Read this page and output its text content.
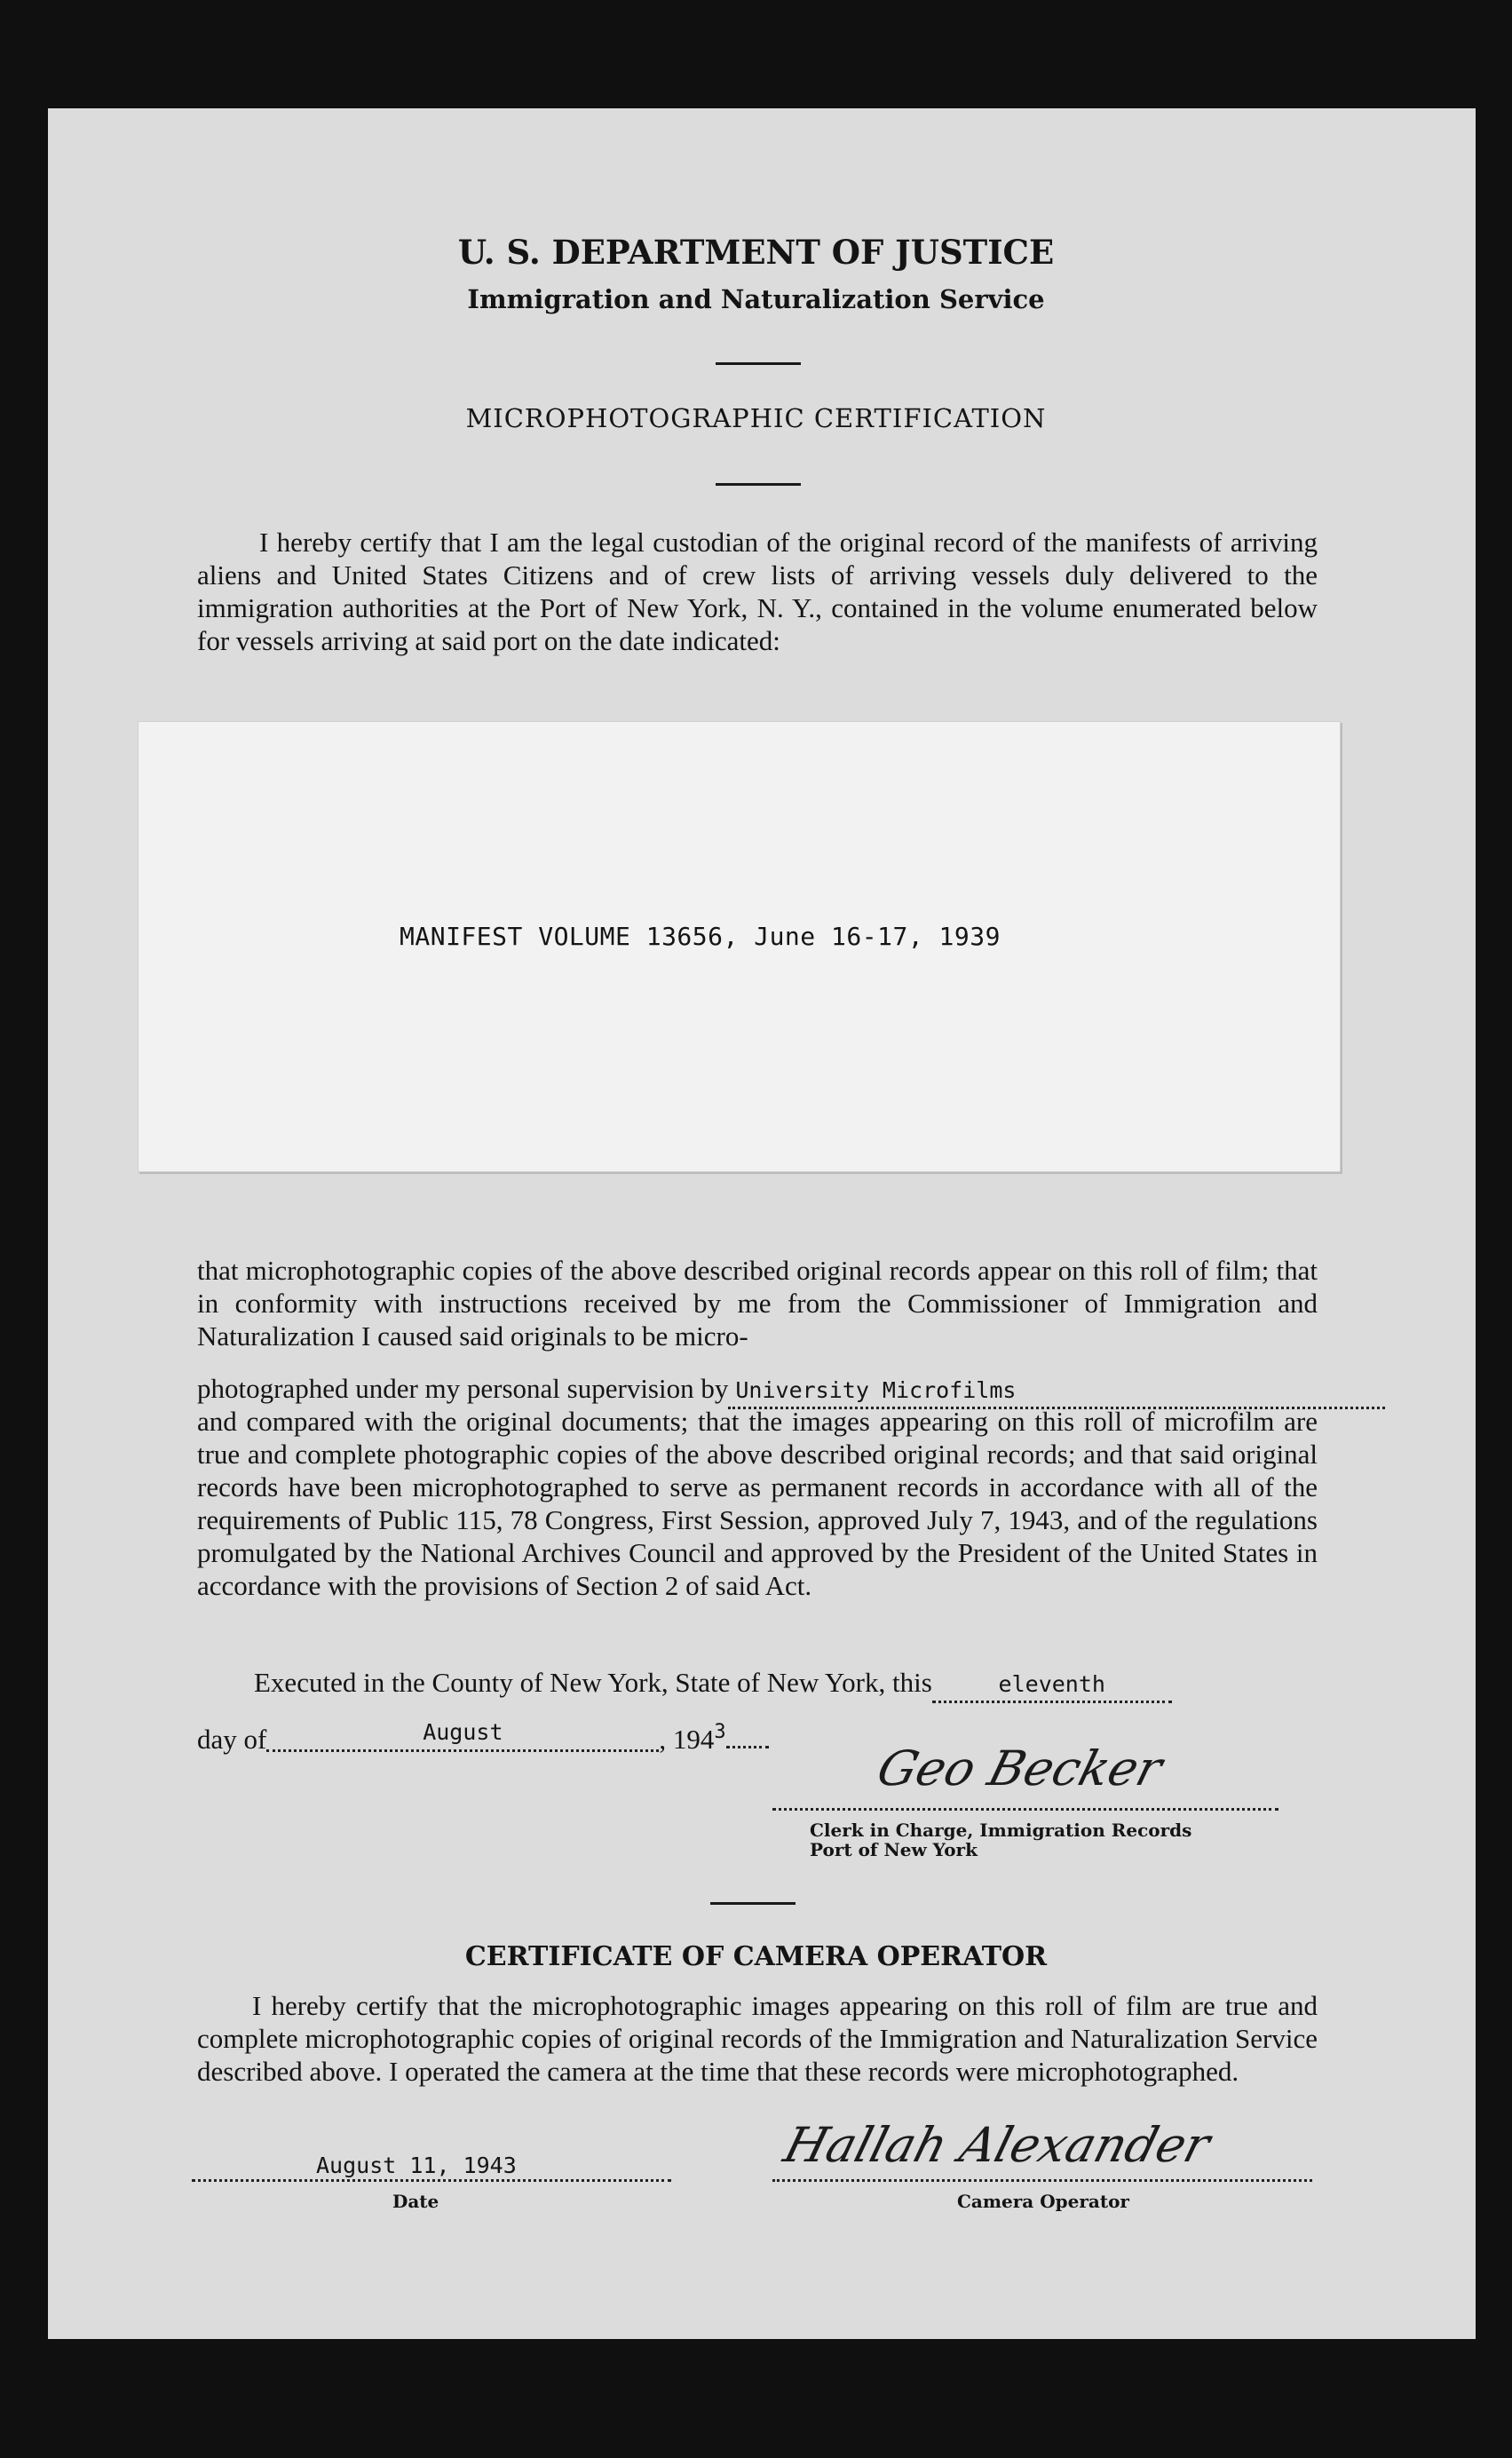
U. S. DEPARTMENT OF JUSTICE
Immigration and Naturalization Service
MICROPHOTOGRAPHIC CERTIFICATION

I hereby certify that I am the legal custodian of the original record of the manifests of arriving aliens and United States Citizens and of crew lists of arriving vessels duly delivered to the immigration authorities at the Port of New York, N. Y., contained in the volume enumerated below for vessels arriving at said port on the date indicated:

MANIFEST VOLUME 13656, June 16-17, 1939

that microphotographic copies of the above described original records appear on this roll of film; that in conformity with instructions received by me from the Commissioner of Immigration and Naturalization I caused said originals to be micro-

photographed under my personal supervision by University Microfilms

and compared with the original documents; that the images appearing on this roll of microfilm are true and complete photographic copies of the above described original records; and that said original records have been microphotographed to serve as permanent records in accordance with all of the requirements of Public 115, 78 Congress, First Session, approved July 7, 1943, and of the regulations promulgated by the National Archives Council and approved by the President of the United States in accordance with the provisions of Section 2 of said Act.

Executed in the County of New York, State of New York, this	eleventh

day of	$^{August}$	, $194^3$

Geo Becker

Clerk in Charge, Immigration Records
Port of New York

CERTIFICATE OF CAMERA OPERATOR

I hereby certify that the microphotographic images appearing on this roll of film are true and complete microphotographic copies of original records of the Immigration and Naturalization Service described above. I operated the camera at the time that these records were microphotographed.

August 11, 1943

Date

Hallah Alexander

Camera Operator
